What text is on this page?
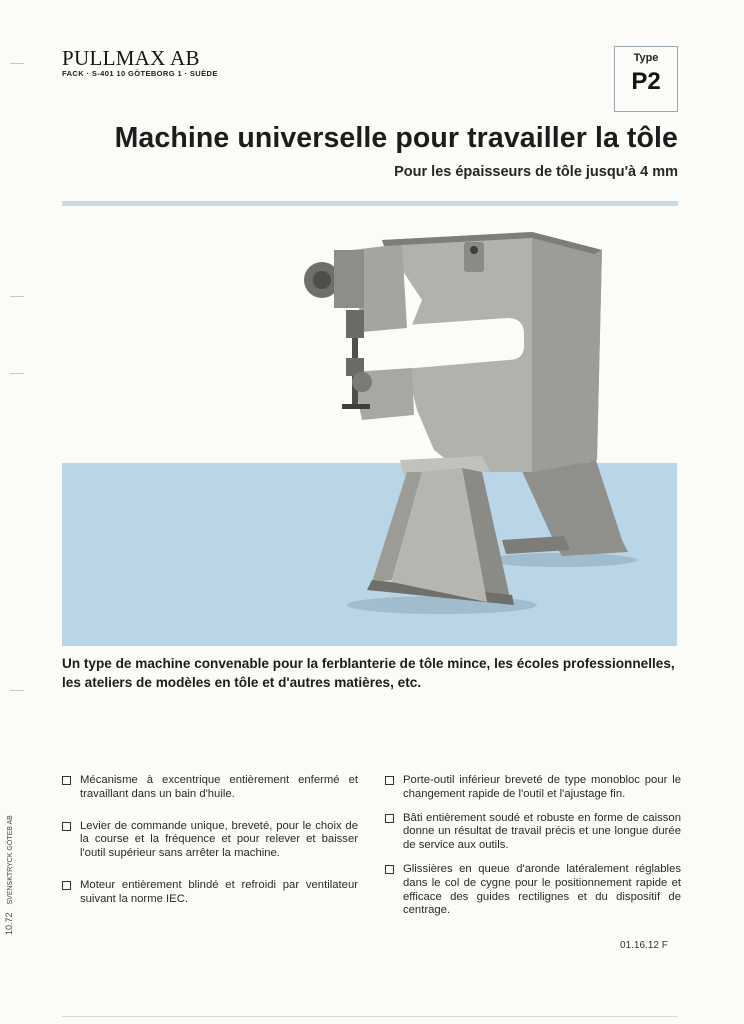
PULLMAX AB
FACK · S-401 10 GÖTEBORG 1 · SUÈDE
Type
P2
Machine universelle pour travailler la tôle
Pour les épaisseurs de tôle jusqu'à 4 mm
Un type de machine convenable pour la ferblanterie de tôle mince, les écoles professionnelles, les ateliers de modèles en tôle et d'autres matières, etc.
Mécanisme à excentrique entièrement enfermé et travaillant dans un bain d'huile.
Levier de commande unique, breveté, pour le choix de la course et la fréquence et pour relever et baisser l'outil supérieur sans arrêter la machine.
Moteur entièrement blindé et refroidi par ventilateur suivant la norme IEC.
Porte-outil inférieur breveté de type monobloc pour le changement rapide de l'outil et l'ajustage fin.
Bâti entièrement soudé et robuste en forme de caisson donne un résultat de travail précis et une longue durée de service aux outils.
Glissières en queue d'aronde latéralement réglables dans le col de cygne pour le positionnement rapide et efficace des guides rectilignes et du dispositif de centrage.
01.16.12 F
10.72 SVENSKTRYCK GÖTEB AB
